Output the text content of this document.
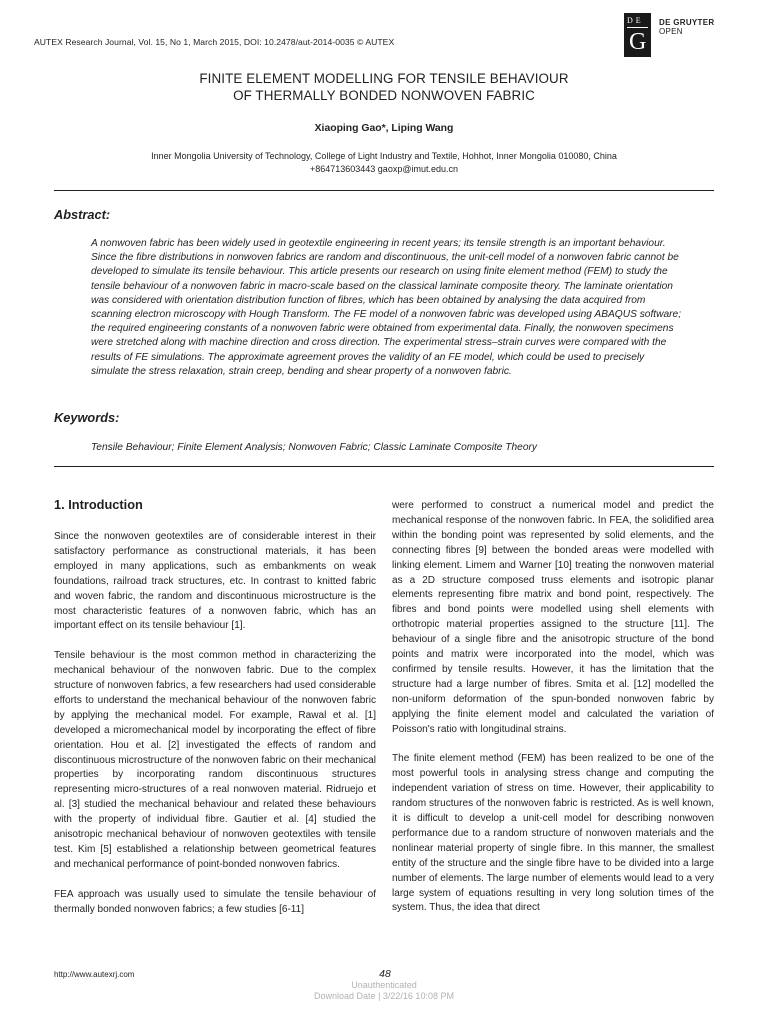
AUTEX Research Journal, Vol. 15, No 1, March 2015, DOI: 10.2478/aut-2014-0035 © AUTEX
DE
G
DE GRUYTER
OPEN
FINITE ELEMENT MODELLING FOR TENSILE BEHAVIOUR
OF THERMALLY BONDED NONWOVEN FABRIC
Xiaoping Gao*, Liping Wang
Inner Mongolia University of Technology, College of Light Industry and Textile, Hohhot, Inner Mongolia 010080, China
+864713603443 gaoxp@imut.edu.cn
Abstract:
A nonwoven fabric has been widely used in geotextile engineering in recent years; its tensile strength is an important behaviour. Since the fibre distributions in nonwoven fabrics are random and discontinuous, the unit-cell model of a nonwoven fabric cannot be developed to simulate its tensile behaviour. This article presents our research on using finite element method (FEM) to study the tensile behaviour of a nonwoven fabric in macro-scale based on the classical laminate composite theory. The laminate orientation was considered with orientation distribution function of fibres, which has been obtained by analysing the data acquired from scanning electron microscopy with Hough Transform. The FE model of a nonwoven fabric was developed using ABAQUS software; the required engineering constants of a nonwoven fabric were obtained from experimental data. Finally, the nonwoven specimens were stretched along with machine direction and cross direction. The experimental stress–strain curves were compared with the results of FE simulations. The approximate agreement proves the validity of an FE model, which could be used to precisely simulate the stress relaxation, strain creep, bending and shear property of a nonwoven fabric.
Keywords:
Tensile Behaviour; Finite Element Analysis; Nonwoven Fabric; Classic Laminate Composite Theory
1. Introduction

Since the nonwoven geotextiles are of considerable interest in their satisfactory performance as constructional materials, it has been employed in many applications, such as embankments on weak foundations, railroad track structures, etc. In contrast to knitted fabric and woven fabric, the random and discontinuous microstructure is the most characteristic features of a nonwoven fabric, which has an important effect on its tensile behaviour [1].

Tensile behaviour is the most common method in characterizing the mechanical behaviour of the nonwoven fabric. Due to the complex structure of nonwoven fabrics, a few researchers had used considerable efforts to understand the mechanical behaviour of the nonwoven fabric by applying the mechanical model. For example, Rawal et al. [1] developed a micromechanical model by incorporating the effect of fibre orientation. Hou et al. [2] investigated the effects of random and discontinuous microstructure of the nonwoven fabric on their mechanical properties by incorporating random discontinuous structures representing micro-structures of a real nonwoven material. Ridruejo et al. [3] studied the mechanical behaviour and related these behaviours with the property of individual fibre. Gautier et al. [4] studied the anisotropic mechanical behaviour of nonwoven geotextiles with tensile test. Kim [5] established a relationship between geometrical features and mechanical performance of point-bonded nonwoven fabrics.

FEA approach was usually used to simulate the tensile behaviour of thermally bonded nonwoven fabrics; a few studies [6-11]

were performed to construct a numerical model and predict the mechanical response of the nonwoven fabric. In FEA, the solidified area within the bonding point was represented by solid elements, and the connecting fibres [9] between the bonded areas were modelled with linking element. Limem and Warner [10] treating the nonwoven material as a 2D structure composed truss elements and isotropic planar elements representing fibre matrix and bond point, respectively. The fibres and bond points were modelled using shell elements with orthotropic material properties assigned to the structure [11]. The behaviour of a single fibre and the anisotropic structure of the bond points and matrix were incorporated into the model, which was confirmed by tensile results. However, it has the limitation that the structure had a large number of fibres. Smita et al. [12] modelled the non-uniform deformation of the spun-bonded nonwoven fabric by applying the finite element model and calculated the variation of Poisson's ratio with longitudinal strains.

The finite element method (FEM) has been realized to be one of the most powerful tools in analysing stress change and computing the independent variation of stress on time. However, their applicability to random structures of the nonwoven fabric is restricted. As is well known, it is difficult to develop a unit-cell model for describing nonwoven performance due to a random structure of nonwoven materials and the nonlinear material property of single fibre. In this manner, the smallest entity of the structure and the single fibre have to be divided into a large number of elements. The large number of elements would lead to a very large system of equations resulting in very long solution times of the system. Thus, the idea that direct

http://www.autexrj.com	48
Unauthenticated
Download Date | 3/22/16 10:08 PM
